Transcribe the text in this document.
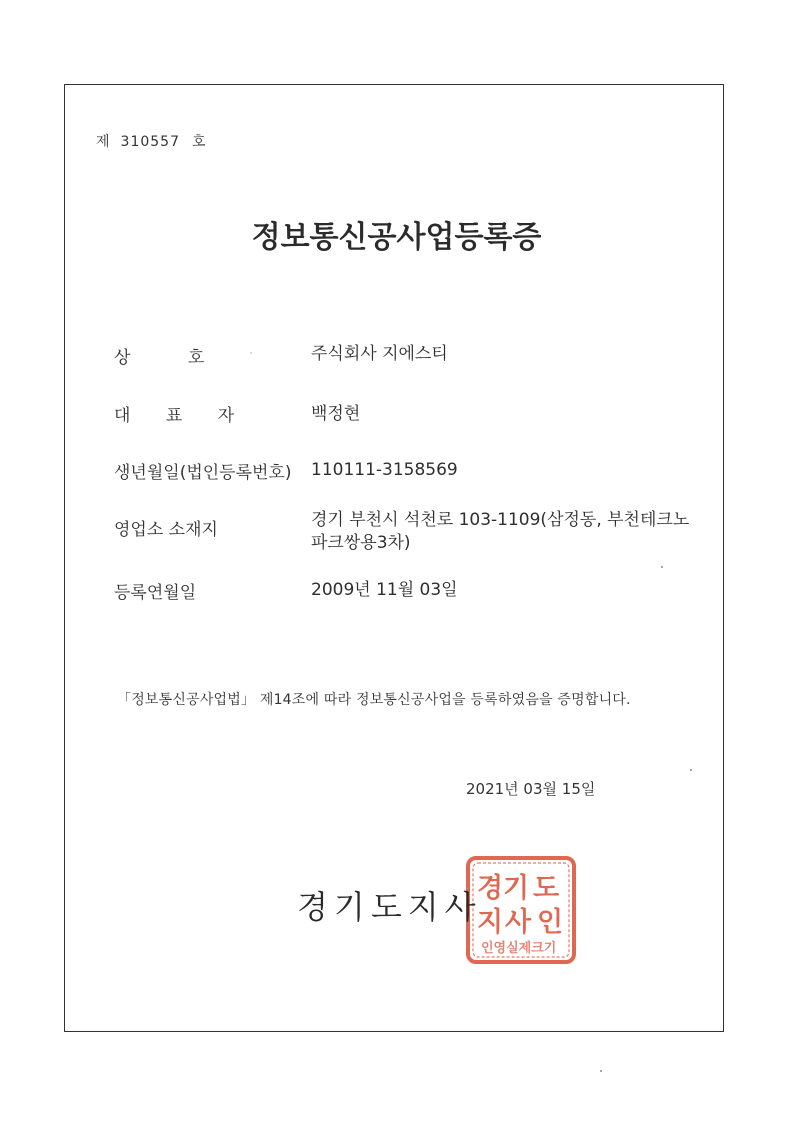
제 310557 호
정보통신공사업등록증
상 호	주식회사 지에스티
대 표 자	백정현
생년월일(법인등록번호) 110111-3158569
영업소 소재지	경기 부천시 석천로 103-1109(삼정동, 부천테크노파크쌍용3차)
등록연월일	2009년 11월 03일
「정보통신공사업법」 제14조에 따라 정보통신공사업을 등록하였음을 증명합니다.
2021년 03월 15일
경 기 도
지 사 인
인영실제크기
경기도지사
